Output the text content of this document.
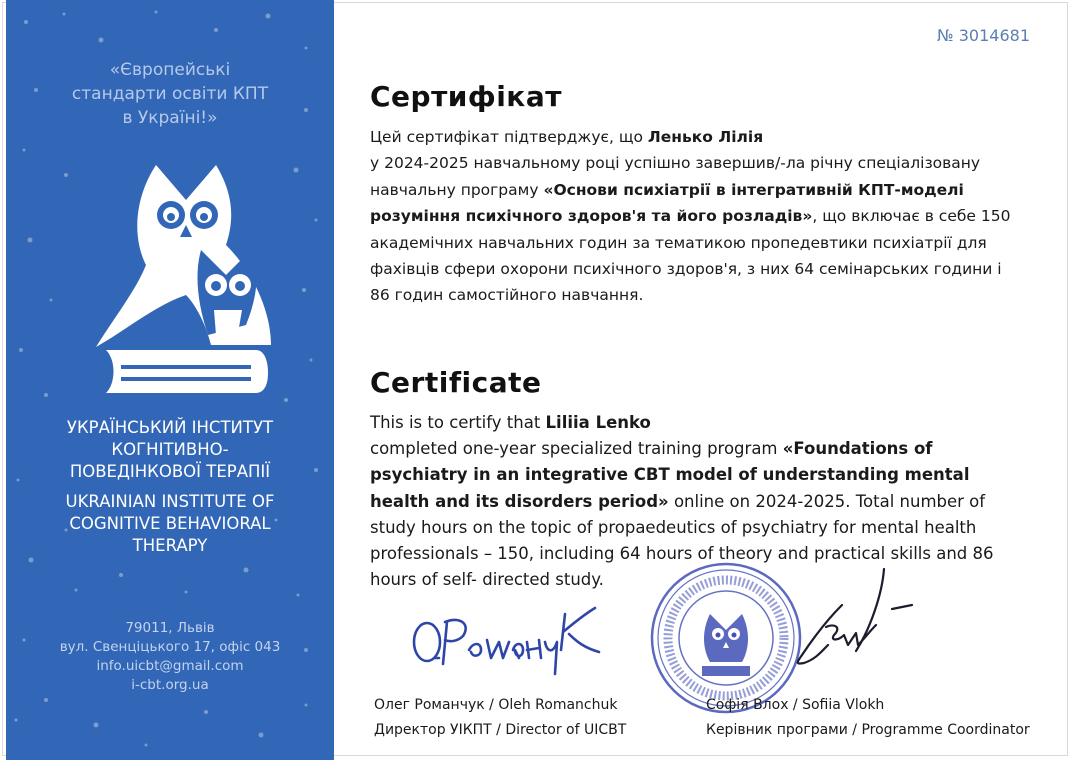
«Європейські
стандарти освіти КПТ
в Україні!»
УКРАЇНСЬКИЙ ІНСТИТУТ
КОГНІТИВНО-
ПОВЕДІНКОВОЇ ТЕРАПІЇ
UKRAINIAN INSTITUTE OF
COGNITIVE BEHAVIORAL
THERAPY
79011, Львів
вул. Свенціцького 17, офіс 043
info.uicbt@gmail.com
i-cbt.org.ua
№ 3014681
Сертифікат
Цей сертифікат підтверджує, що Ленько Лілія
у 2024-2025 навчальному році успішно завершив/-ла річну спеціалізовану навчальну програму «Основи психіатрії в інтегративній КПТ-моделі розуміння психічного здоров'я та його розладів», що включає в себе 150 академічних навчальних годин за тематикою пропедевтики психіатрії для фахівців сфери охорони психічного здоров'я, з них 64 семінарських години і 86 годин самостійного навчання.
Certificate
This is to certify that Liliia Lenko
completed one-year specialized training program «Foundations of psychiatry in an integrative CBT model of understanding mental health and its disorders period» online on 2024-2025. Total number of study hours on the topic of propaedeutics of psychiatry for mental health professionals – 150, including 64 hours of theory and practical skills and 86 hours of self- directed study.
Олег Романчук / Oleh Romanchuk
Директор УІКПТ / Director of UICBT
Софія Влох / Sofiia Vlokh
Керівник програми / Programme Coordinator
